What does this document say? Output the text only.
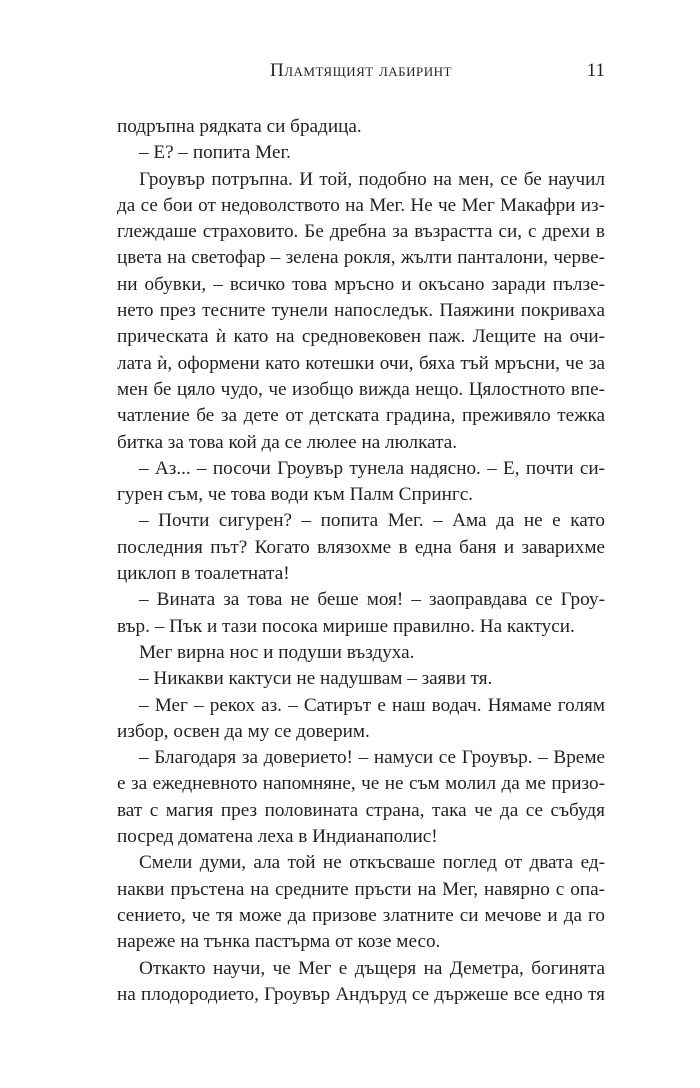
Пламтящият лабиринт	11
подръпна рядката си брадица.
– Е? – попита Мег.
Гроувър потръпна. И той, подобно на мен, се бе научил
да се бои от недоволството на Мег. Не че Мег Макафри из-
глеждаше страховито. Бе дребна за възрастта си, с дрехи в
цвета на светофар – зелена рокля, жълти панталони, черве-
ни обувки, – всичко това мръсно и окъсано заради пълзе-
нето през тесните тунели напоследък. Паяжини покриваха
прическата ѝ като на средновековен паж. Лещите на очи-
лата ѝ, оформени като котешки очи, бяха тъй мръсни, че за
мен бе цяло чудо, че изобщо вижда нещо. Цялостното впе-
чатление бе за дете от детската градина, преживяло тежка
битка за това кой да се люлее на люлката.
– Аз... – посочи Гроувър тунела надясно. – Е, почти си-
гурен съм, че това води към Палм Спрингс.
– Почти сигурен? – попита Мег. – Ама да не е като
последния път? Когато влязохме в една баня и заварихме
циклоп в тоалетната!
– Вината за това не беше моя! – заоправдава се Гроу-
вър. – Пък и тази посока мирише правилно. На кактуси.
Мег вирна нос и подуши въздуха.
– Никакви кактуси не надушвам – заяви тя.
– Мег – рекох аз. – Сатирът е наш водач. Нямаме голям
избор, освен да му се доверим.
– Благодаря за доверието! – намуси се Гроувър. – Време
е за ежедневното напомняне, че не съм молил да ме призо-
ват с магия през половината страна, така че да се събудя
посред доматена леха в Индианаполис!
Смели думи, ала той не откъсваше поглед от двата ед-
накви пръстена на средните пръсти на Мег, навярно с опа-
сението, че тя може да призове златните си мечове и да го
нареже на тънка пастърма от козе месо.
Откакто научи, че Мег е дъщеря на Деметра, богинята
на плодородието, Гроувър Андъруд се държеше все едно тя
